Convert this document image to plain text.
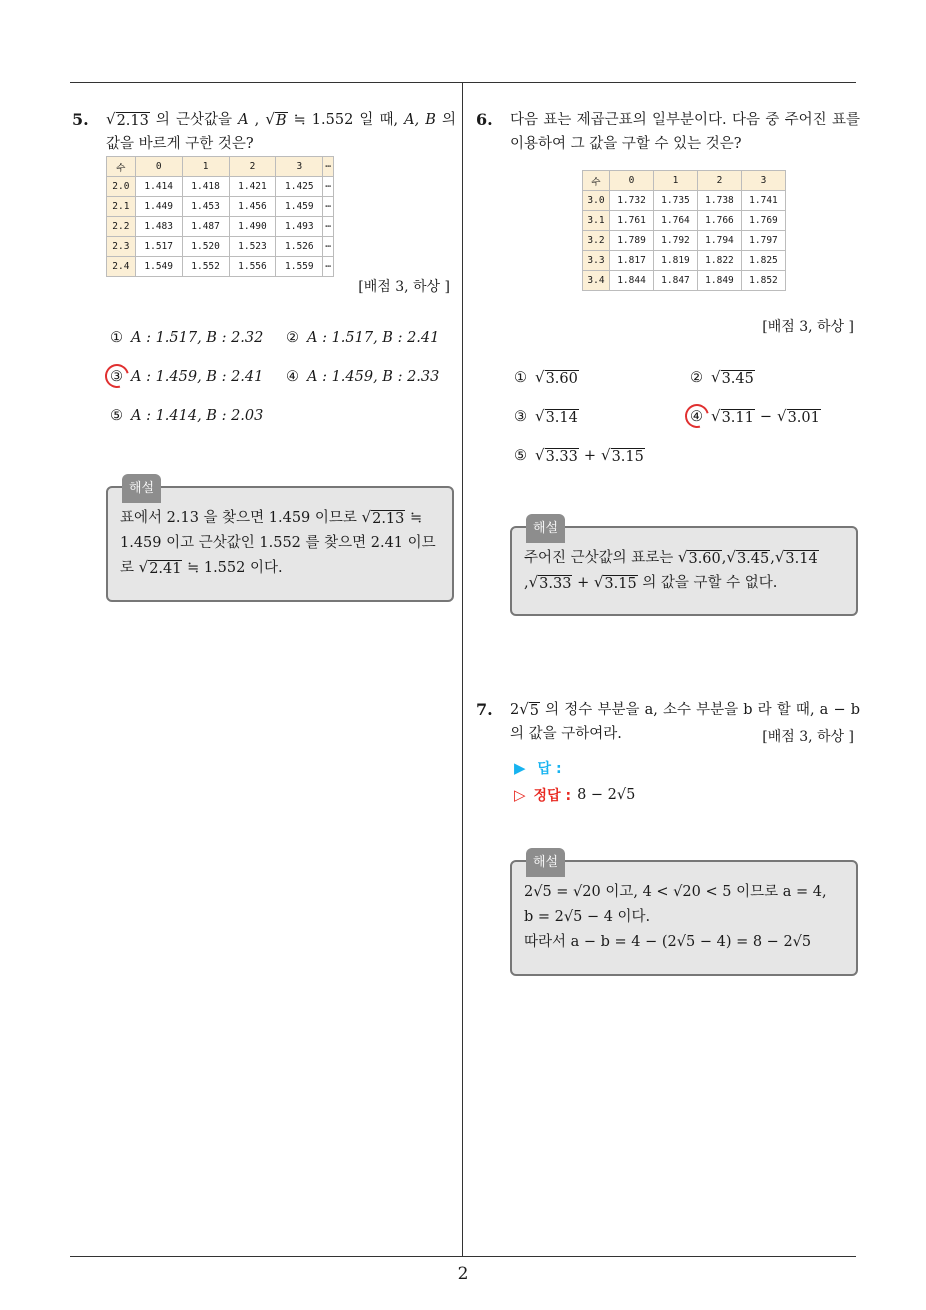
2
5.	√ 2.13 의 근삿값을 A , √ B ≒ 1.552 일 때, A, B 의 값을 바르게 구한 것은?
수	0	1	2	3	⋯
2.0	1.414	1.418	1.421	1.425	⋯
2.1	1.449	1.453	1.456	1.459	⋯
2.2	1.483	1.487	1.490	1.493	⋯
2.3	1.517	1.520	1.523	1.526	⋯
2.4	1.549	1.552	1.556	1.559	⋯
[배점 3, 하상 ]
① A : 1.517, B : 2.32 ② A : 1.517, B : 2.41
③ A : 1.459, B : 2.41 ④ A : 1.459, B : 2.33
⑤ A : 1.414, B : 2.03
해설
표에서 2.13 을 찾으면 1.459 이므로 √ 2.13 ≒ 1.459 이고 근삿값인 1.552 를 찾으면 2.41 이므로 √ 2.41 ≒ 1.552 이다.
6.	다음 표는 제곱근표의 일부분이다. 다음 중 주어진 표를 이용하여 그 값을 구할 수 있는 것은?
수	0	1	2	3
3.0	1.732	1.735	1.738	1.741
3.1	1.761	1.764	1.766	1.769
3.2	1.789	1.792	1.794	1.797
3.3	1.817	1.819	1.822	1.825
3.4	1.844	1.847	1.849	1.852
[배점 3, 하상 ]
① √ 3.60	② √ 3.45
③ √ 3.14	④ √ 3.11 − √ 3.01
⑤ √ 3.33 + √ 3.15
해설
주어진 근삿값의 표로는 √ 3.60 , √ 3.45 , √ 3.14

, √ 3.33 + √ 3.15 의 값을 구할 수 없다.
7.	2 √ 5 의 정수 부분을 a, 소수 부분을 b 라 할 때, a − b 의 값을 구하여라.	[배점 3, 하상 ]
▶ 답 :
▷ 정답 : 8 − 2√5
해설
2√5 = √20 이고, 4 < √20 < 5 이므로 a = 4,
b = 2√5 − 4 이다.
따라서 a − b = 4 − (2√5 − 4) = 8 − 2√5
